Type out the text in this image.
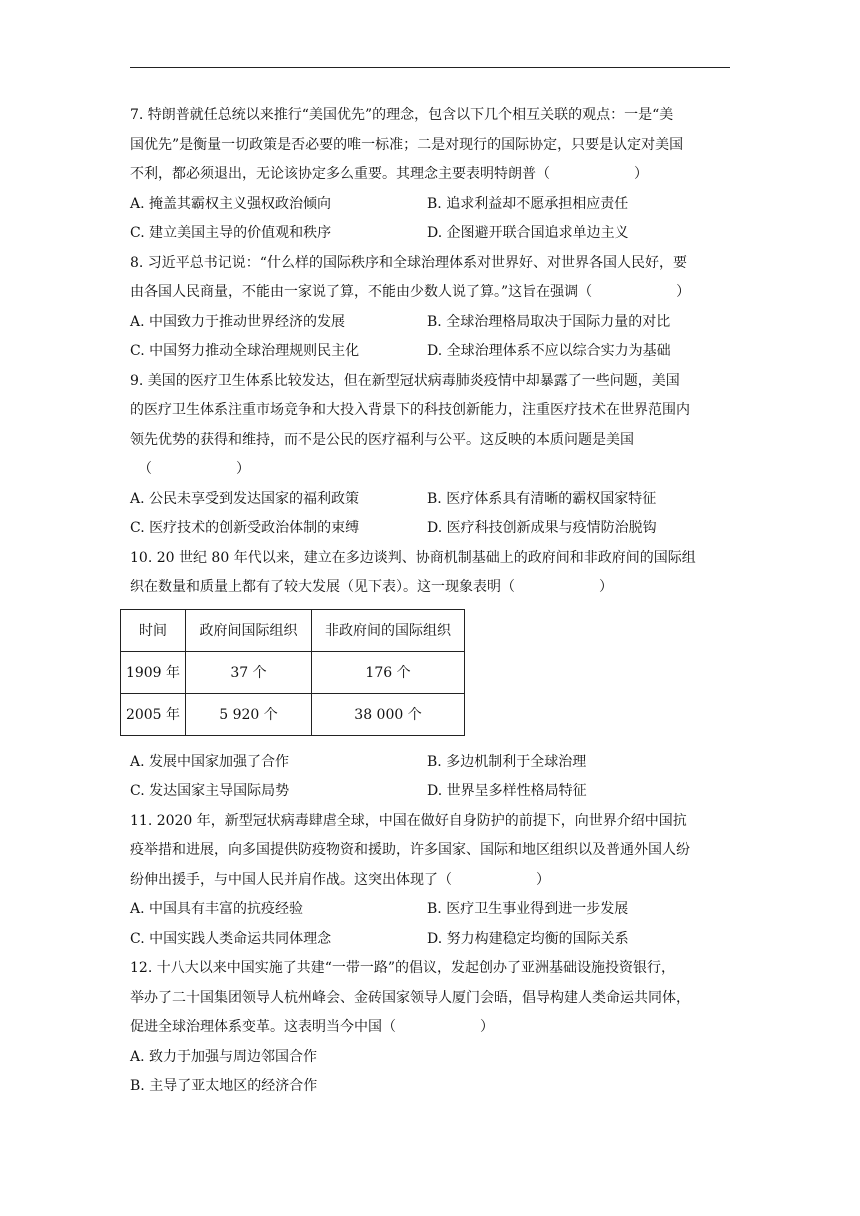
7. 特朗普就任总统以来推行“美国优先”的理念，包含以下几个相互关联的观点：一是“美
国优先”是衡量一切政策是否必要的唯一标准；二是对现行的国际协定，只要是认定对美国
不利，都必须退出，无论该协定多么重要。其理念主要表明特朗普（	）
A. 掩盖其霸权主义强权政治倾向	B. 追求利益却不愿承担相应责任
C. 建立美国主导的价值观和秩序	D. 企图避开联合国追求单边主义
8. 习近平总书记说：“什么样的国际秩序和全球治理体系对世界好、对世界各国人民好，要
由各国人民商量，不能由一家说了算，不能由少数人说了算。”这旨在强调（	）
A. 中国致力于推动世界经济的发展	B. 全球治理格局取决于国际力量的对比
C. 中国努力推动全球治理规则民主化	D. 全球治理体系不应以综合实力为基础
9. 美国的医疗卫生体系比较发达，但在新型冠状病毒肺炎疫情中却暴露了一些问题，美国
的医疗卫生体系注重市场竞争和大投入背景下的科技创新能力，注重医疗技术在世界范围内
领先优势的获得和维持，而不是公民的医疗福利与公平。这反映的本质问题是美国
（	）
A. 公民未享受到发达国家的福利政策	B. 医疗体系具有清晰的霸权国家特征
C. 医疗技术的创新受政治体制的束缚	D. 医疗科技创新成果与疫情防治脱钩
10. 20 世纪 80 年代以来，建立在多边谈判、协商机制基础上的政府间和非政府间的国际组
织在数量和质量上都有了较大发展（见下表）。这一现象表明（	）
时间	政府间国际组织	非政府间的国际组织
1909 年	37 个	176 个
2005 年	5 920 个	38 000 个
A. 发展中国家加强了合作	B. 多边机制利于全球治理
C. 发达国家主导国际局势	D. 世界呈多样性格局特征
11. 2020 年，新型冠状病毒肆虐全球，中国在做好自身防护的前提下，向世界介绍中国抗
疫举措和进展，向多国提供防疫物资和援助，许多国家、国际和地区组织以及普通外国人纷
纷伸出援手，与中国人民并肩作战。这突出体现了（	）
A. 中国具有丰富的抗疫经验	B. 医疗卫生事业得到进一步发展
C. 中国实践人类命运共同体理念	D. 努力构建稳定均衡的国际关系
12. 十八大以来中国实施了共建“一带一路”的倡议，发起创办了亚洲基础设施投资银行，
举办了二十国集团领导人杭州峰会、金砖国家领导人厦门会晤，倡导构建人类命运共同体，
促进全球治理体系变革。这表明当今中国（	）
A. 致力于加强与周边邻国合作
B. 主导了亚太地区的经济合作
